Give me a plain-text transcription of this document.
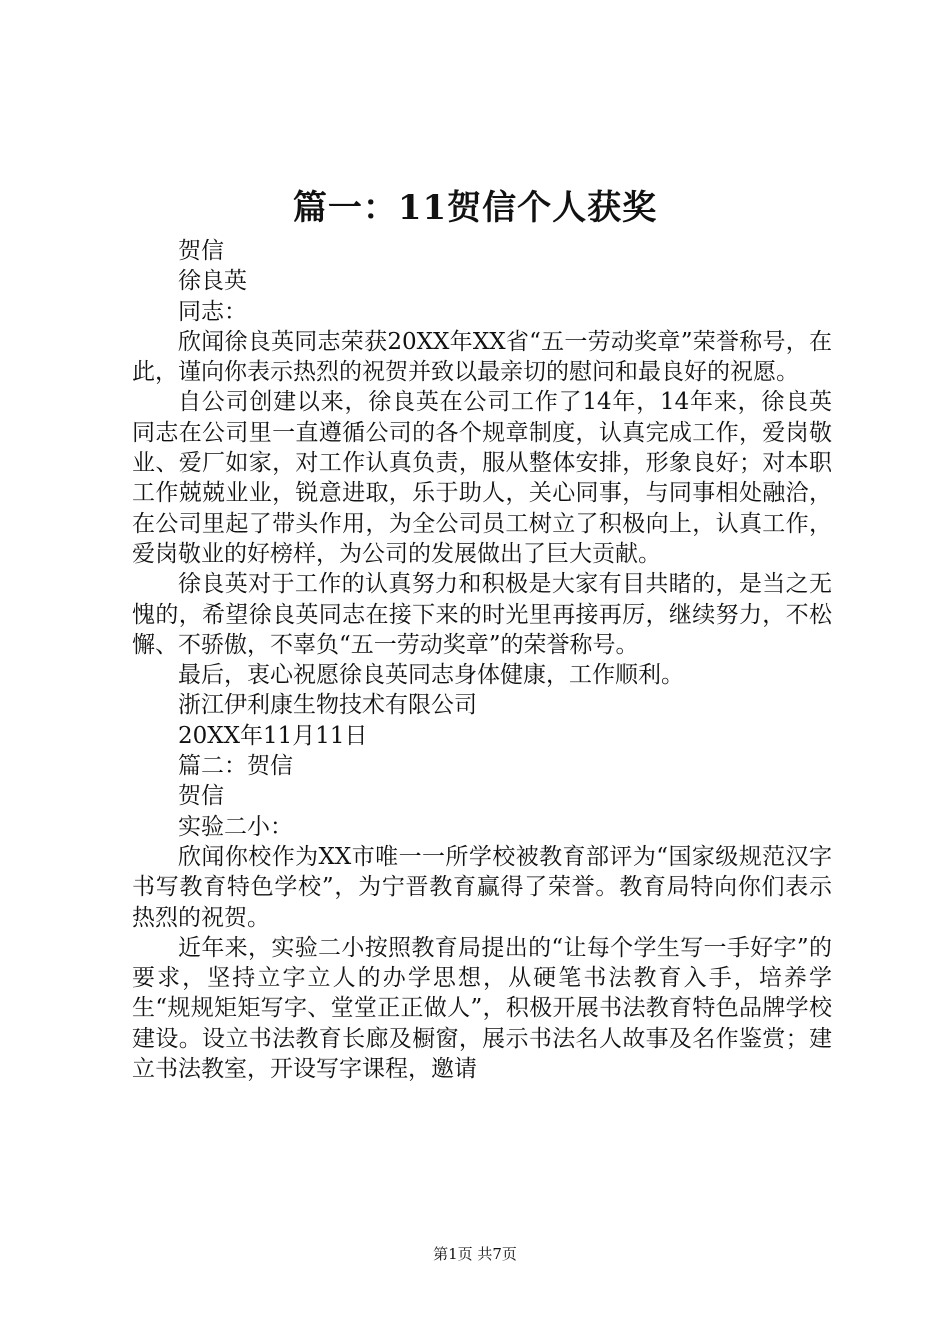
篇一：11贺信个人获奖

贺信

徐良英

同志：

欣闻徐良英同志荣获20XX年XX省“五一劳动奖章”荣誉称号，在此，谨向你表示热烈的祝贺并致以最亲切的慰问和最良好的祝愿。

自公司创建以来，徐良英在公司工作了14年，14年来，徐良英同志在公司里一直遵循公司的各个规章制度，认真完成工作，爱岗敬业、爱厂如家，对工作认真负责，服从整体安排，形象良好；对本职工作兢兢业业，锐意进取，乐于助人，关心同事，与同事相处融洽，在公司里起了带头作用，为全公司员工树立了积极向上，认真工作，爱岗敬业的好榜样，为公司的发展做出了巨大贡献。

徐良英对于工作的认真努力和积极是大家有目共睹的，是当之无愧的，希望徐良英同志在接下来的时光里再接再厉，继续努力，不松懈、不骄傲，不辜负“五一劳动奖章”的荣誉称号。

最后，衷心祝愿徐良英同志身体健康，工作顺利。

浙江伊利康生物技术有限公司

20XX年11月11日

篇二：贺信

贺信

实验二小：

欣闻你校作为XX市唯一一所学校被教育部评为“国家级规范汉字书写教育特色学校”，为宁晋教育赢得了荣誉。教育局特向你们表示热烈的祝贺。

近年来，实验二小按照教育局提出的“让每个学生写一手好字”的要求，坚持立字立人的办学思想，从硬笔书法教育入手，培养学生“规规矩矩写字、堂堂正正做人”，积极开展书法教育特色品牌学校建设。设立书法教育长廊及橱窗，展示书法名人故事及名作鉴赏；建立书法教室，开设写字课程，邀请

第1页 共7页
